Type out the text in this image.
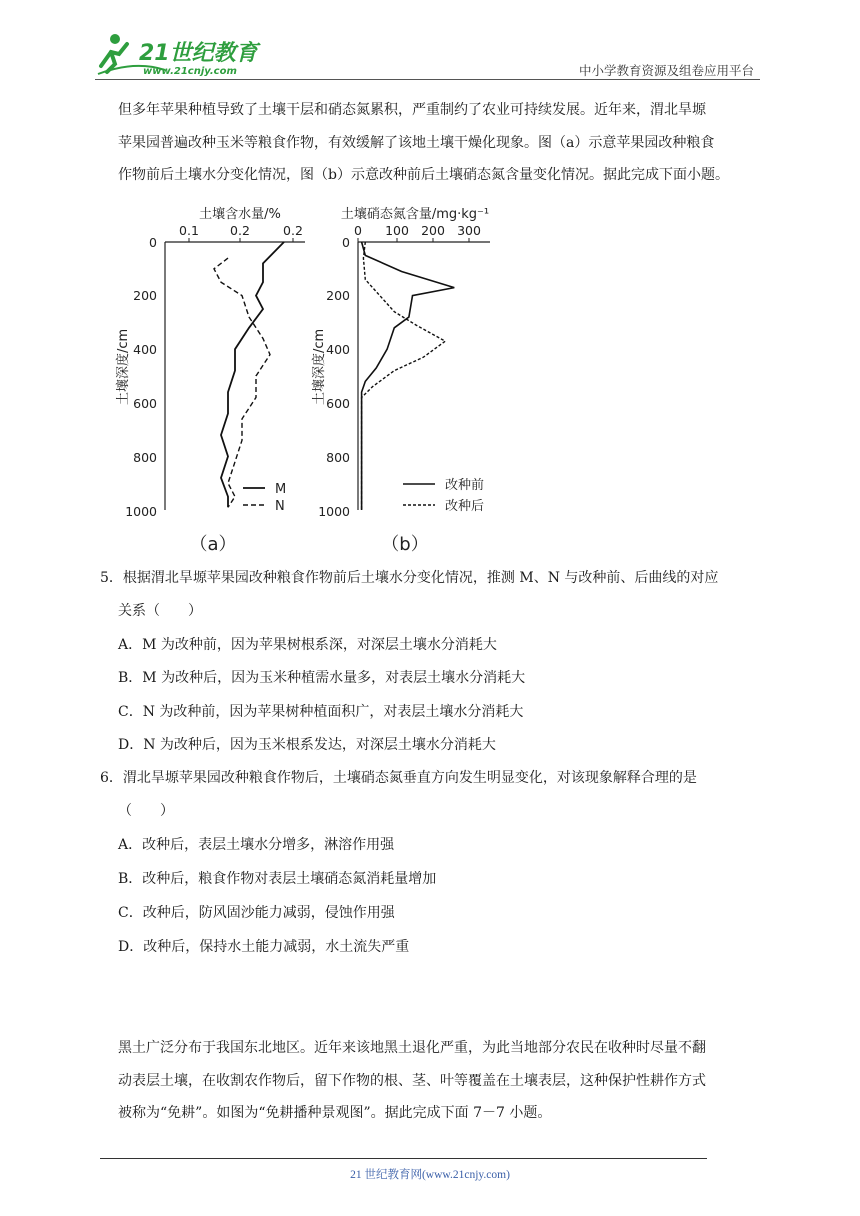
21世纪教育
www.21cnjy.com	中小学教育资源及组卷应用平台
但多年苹果种植导致了土壤干层和硝态氮累积，严重制约了农业可持续发展。近年来，渭北旱塬
苹果园普遍改种玉米等粮食作物，有效缓解了该地土壤干燥化现象。图（a）示意苹果园改种粮食
作物前后土壤水分变化情况，图（b）示意改种前后土壤硝态氮含量变化情况。据此完成下面小题。
土壤含水量/%
0.1 0.2	0.2
0
200
400
600
800
1000
土壤深度/cm
M
N
（a）
土壤硝态氮含量/mg·kg⁻¹
0 100 200 300
0
200
400
600
800
1000
土壤深度/cm
改种前
改种后
（b）
5．根据渭北旱塬苹果园改种粮食作物前后土壤水分变化情况，推测 M、N 与改种前、后曲线的对应
关系（　　）
A．M 为改种前，因为苹果树根系深，对深层土壤水分消耗大
B．M 为改种后，因为玉米种植需水量多，对表层土壤水分消耗大
C．N 为改种前，因为苹果树种植面积广，对表层土壤水分消耗大
D．N 为改种后，因为玉米根系发达，对深层土壤水分消耗大
6．渭北旱塬苹果园改种粮食作物后，土壤硝态氮垂直方向发生明显变化，对该现象解释合理的是
（　　）
A．改种后，表层土壤水分增多，淋溶作用强
B．改种后，粮食作物对表层土壤硝态氮消耗量增加
C．改种后，防风固沙能力减弱，侵蚀作用强
D．改种后，保持水土能力减弱，水土流失严重
黑土广泛分布于我国东北地区。近年来该地黑土退化严重，为此当地部分农民在收种时尽量不翻
动表层土壤，在收割农作物后，留下作物的根、茎、叶等覆盖在土壤表层，这种保护性耕作方式
被称为“免耕”。如图为“免耕播种景观图”。据此完成下面 7－7 小题。
21 世纪教育网(www.21cnjy.com)
